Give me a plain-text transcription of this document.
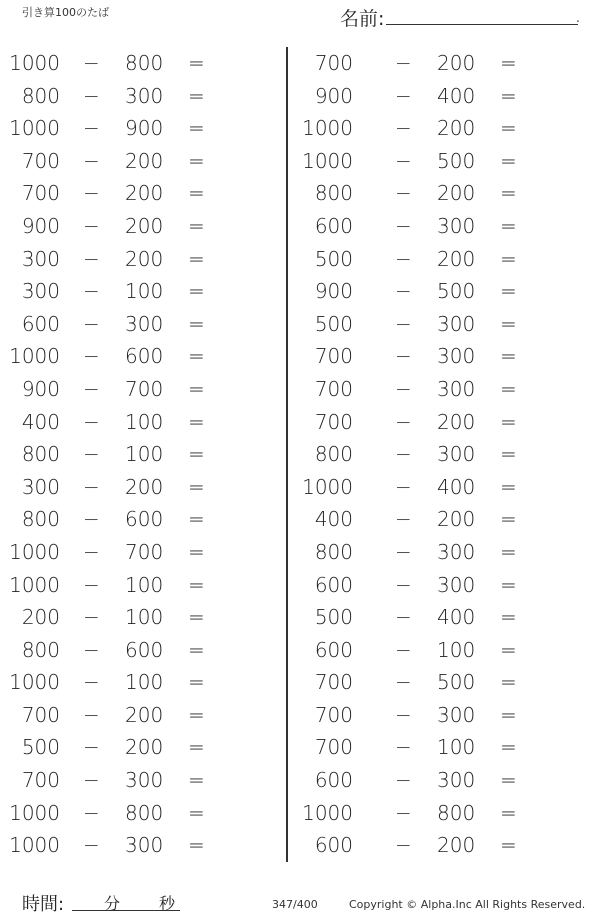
引き算100のたば	名前:	.
1000 − 800 =
800 − 300 =
1000 − 900 =
700 − 200 =
700 − 200 =
900 − 200 =
300 − 200 =
300 − 100 =
600 − 300 =
1000 − 600 =
900 − 700 =
400 − 100 =
800 − 100 =
300 − 200 =
800 − 600 =
1000 − 700 =
1000 − 100 =
200 − 100 =
800 − 600 =
1000 − 100 =
700 − 200 =
500 − 200 =
700 − 300 =
1000 − 800 =
1000 − 300 =
700 − 200 =
900 − 400 =
1000 − 200 =
1000 − 500 =
800 − 200 =
600 − 300 =
500 − 200 =
900 − 500 =
500 − 300 =
700 − 300 =
700 − 300 =
700 − 200 =
800 − 300 =
1000 − 400 =
400 − 200 =
800 − 300 =
600 − 300 =
500 − 400 =
600 − 100 =
700 − 500 =
700 − 300 =
700 − 100 =
600 − 300 =
1000 − 800 =
600 − 200 =
時間: 分 秒	347/400	Copyright © Alpha.Inc All Rights Reserved.
